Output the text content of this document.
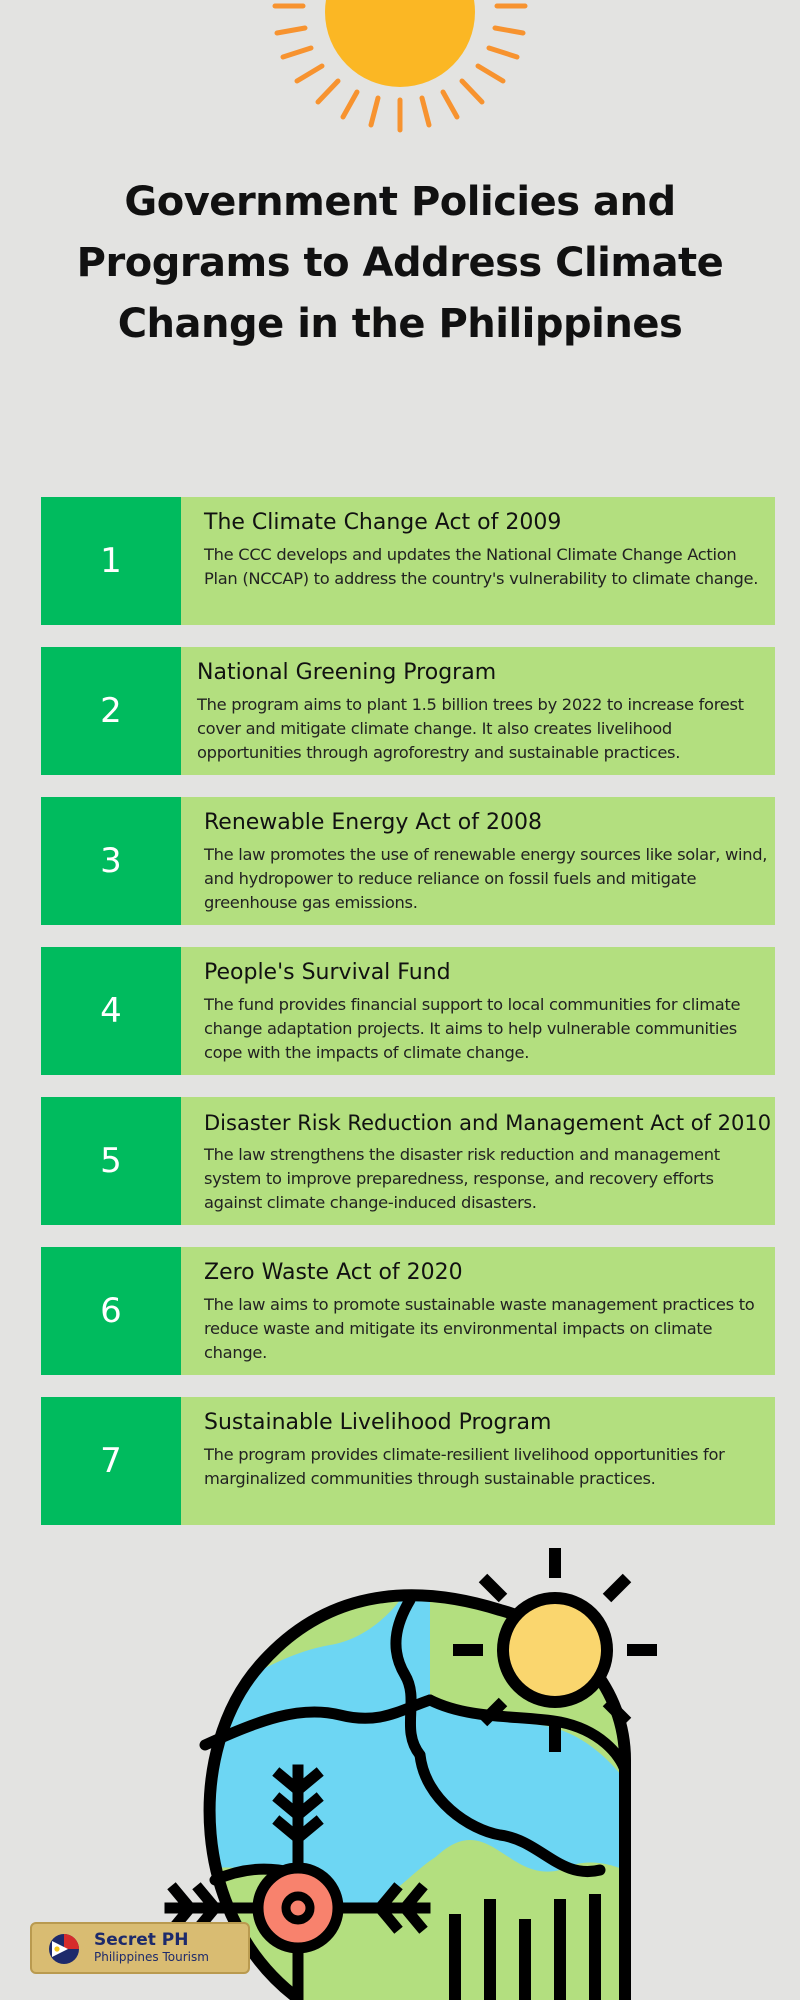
Government Policies and Programs to Address Climate Change in the Philippines
1
The Climate Change Act of 2009
The CCC develops and updates the National Climate Change Action Plan (NCCAP) to address the country's vulnerability to climate change.
2
National Greening Program
The program aims to plant 1.5 billion trees by 2022 to increase forest cover and mitigate climate change. It also creates livelihood opportunities through agroforestry and sustainable practices.
3
Renewable Energy Act of 2008
The law promotes the use of renewable energy sources like solar, wind, and hydropower to reduce reliance on fossil fuels and mitigate greenhouse gas emissions.
4
People's Survival Fund
The fund provides financial support to local communities for climate change adaptation projects. It aims to help vulnerable communities cope with the impacts of climate change.
5
Disaster Risk Reduction and Management Act of 2010
The law strengthens the disaster risk reduction and management system to improve preparedness, response, and recovery efforts against climate change-induced disasters.
6
Zero Waste Act of 2020
The law aims to promote sustainable waste management practices to reduce waste and mitigate its environmental impacts on climate change.
7
Sustainable Livelihood Program
The program provides climate-resilient livelihood opportunities for marginalized communities through sustainable practices.
Secret PH
Philippines Tourism
